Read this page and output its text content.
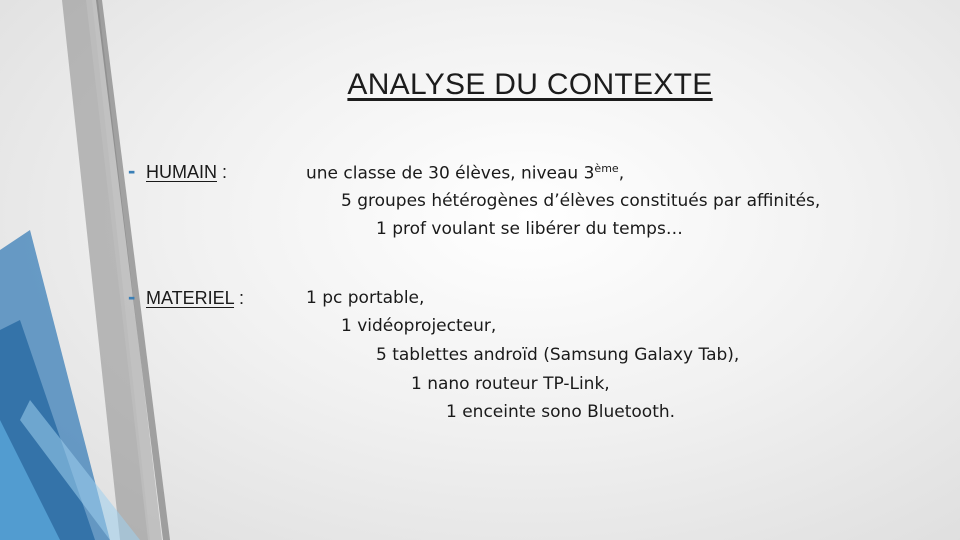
ANALYSE DU CONTEXTE
- HUMAIN :	une classe de 30 élèves, niveau 3ème,
5 groupes hétérogènes d’élèves constitués par affinités,
1 prof voulant se libérer du temps…
- MATERIEL :	1 pc portable,
1 vidéoprojecteur,
5 tablettes androïd (Samsung Galaxy Tab),
1 nano routeur TP-Link,
1 enceinte sono Bluetooth.
